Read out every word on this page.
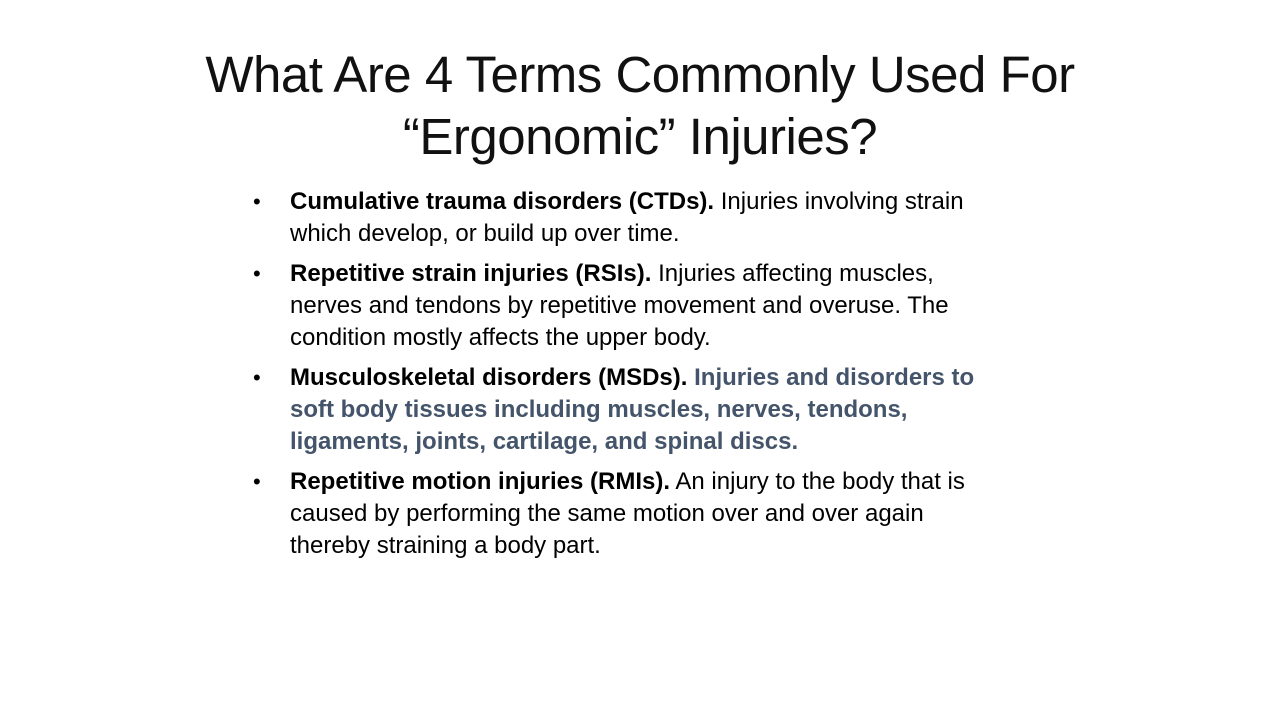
What Are 4 Terms Commonly Used For
“Ergonomic” Injuries?
•	Cumulative trauma disorders (CTDs). Injuries involving strain which develop, or build up over time.
•	Repetitive strain injuries (RSIs). Injuries affecting muscles, nerves and tendons by repetitive movement and overuse. The condition mostly affects the upper body.
•	Musculoskeletal disorders (MSDs). Injuries and disorders to soft body tissues including muscles, nerves, tendons, ligaments, joints, cartilage, and spinal discs.
•	Repetitive motion injuries (RMIs). An injury to the body that is caused by performing the same motion over and over again thereby straining a body part.
